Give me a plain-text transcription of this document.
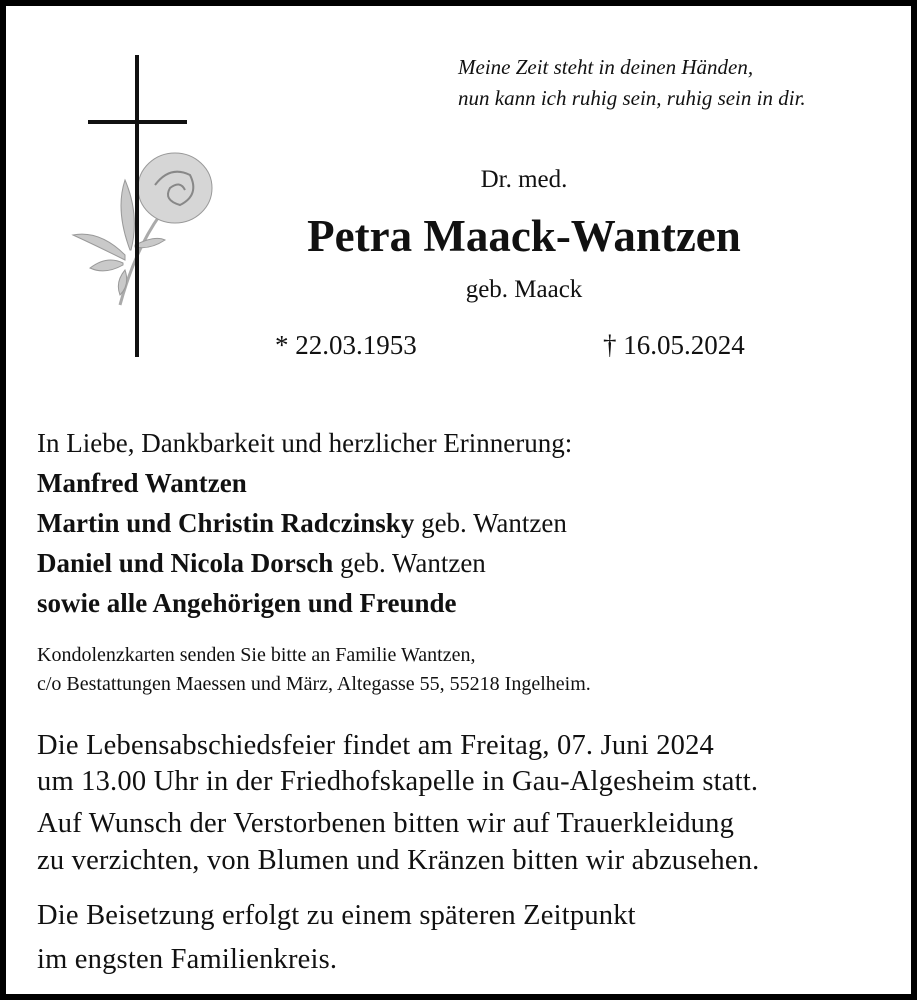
Meine Zeit steht in deinen Händen,
nun kann ich ruhig sein, ruhig sein in dir.
Dr. med.
Petra Maack-Wantzen
geb. Maack
* 22.03.1953	† 16.05.2024
In Liebe, Dankbarkeit und herzlicher Erinnerung:
Manfred Wantzen
Martin und Christin Radczinsky geb. Wantzen
Daniel und Nicola Dorsch geb. Wantzen
sowie alle Angehörigen und Freunde
Kondolenzkarten senden Sie bitte an Familie Wantzen,
c/o Bestattungen Maessen und März, Altegasse 55, 55218 Ingelheim.
Die Lebensabschiedsfeier findet am Freitag, 07. Juni 2024
um 13.00 Uhr in der Friedhofskapelle in Gau-Algesheim statt.
Auf Wunsch der Verstorbenen bitten wir auf Trauerkleidung
zu verzichten, von Blumen und Kränzen bitten wir abzusehen.
Die Beisetzung erfolgt zu einem späteren Zeitpunkt
im engsten Familienkreis.
